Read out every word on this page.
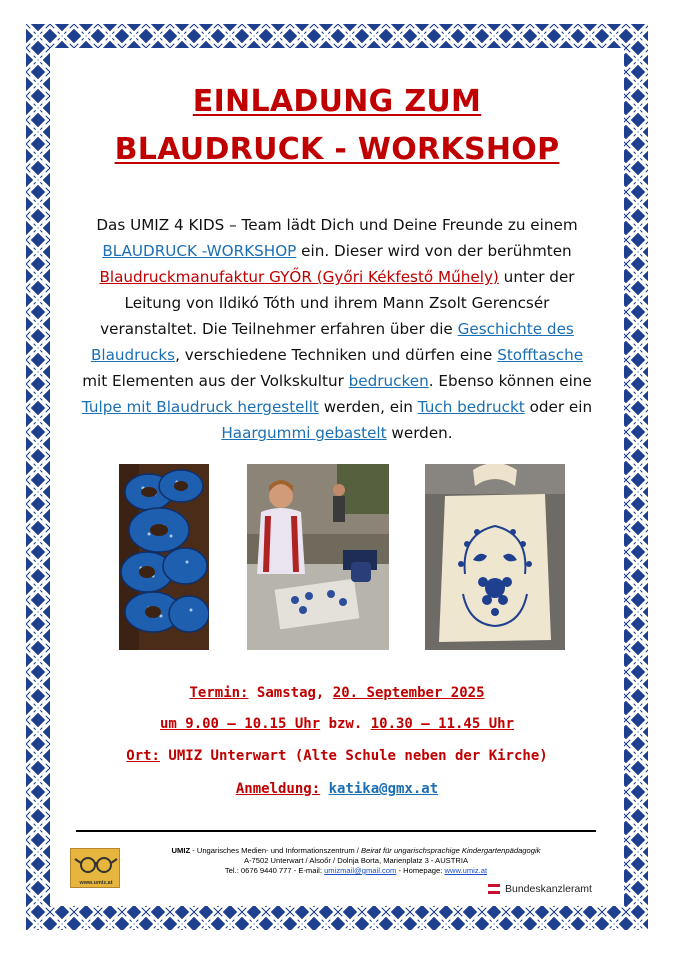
EINLADUNG ZUM
BLAUDRUCK - WORKSHOP

Das UMIZ 4 KIDS – Team lädt Dich und Deine Freunde zu einem BLAUDRUCK -WORKSHOP ein. Dieser wird von der berühmten Blaudruckmanufaktur GYŐR (Győri Kékfestő Műhely) unter der Leitung von Ildikó Tóth und ihrem Mann Zsolt Gerencsér veranstaltet. Die Teilnehmer erfahren über die Geschichte des Blaudrucks, verschiedene Techniken und dürfen eine Stofftasche mit Elementen aus der Volkskultur bedrucken. Ebenso können eine Tulpe mit Blaudruck hergestellt werden, ein Tuch bedruckt oder ein Haargummi gebastelt werden.

Termin: Samstag, 20. September 2025
um 9.00 – 10.15 Uhr bzw. 10.30 – 11.45 Uhr
Ort: UMIZ Unterwart (Alte Schule neben der Kirche)
Anmeldung: katika@gmx.at
www.umiz.at
UMIZ - Ungarisches Medien- und Informationszentrum / Beirat für ungarischsprachige Kindergartenpädagogik
A-7502 Unterwart / Alsoőr / Dolnja Borta, Marienplatz 3 - AUSTRIA
Tel.: 0676 9440 777 - E-mail: umizmail@gmail.com - Homepage: www.umiz.at
Bundeskanzleramt
